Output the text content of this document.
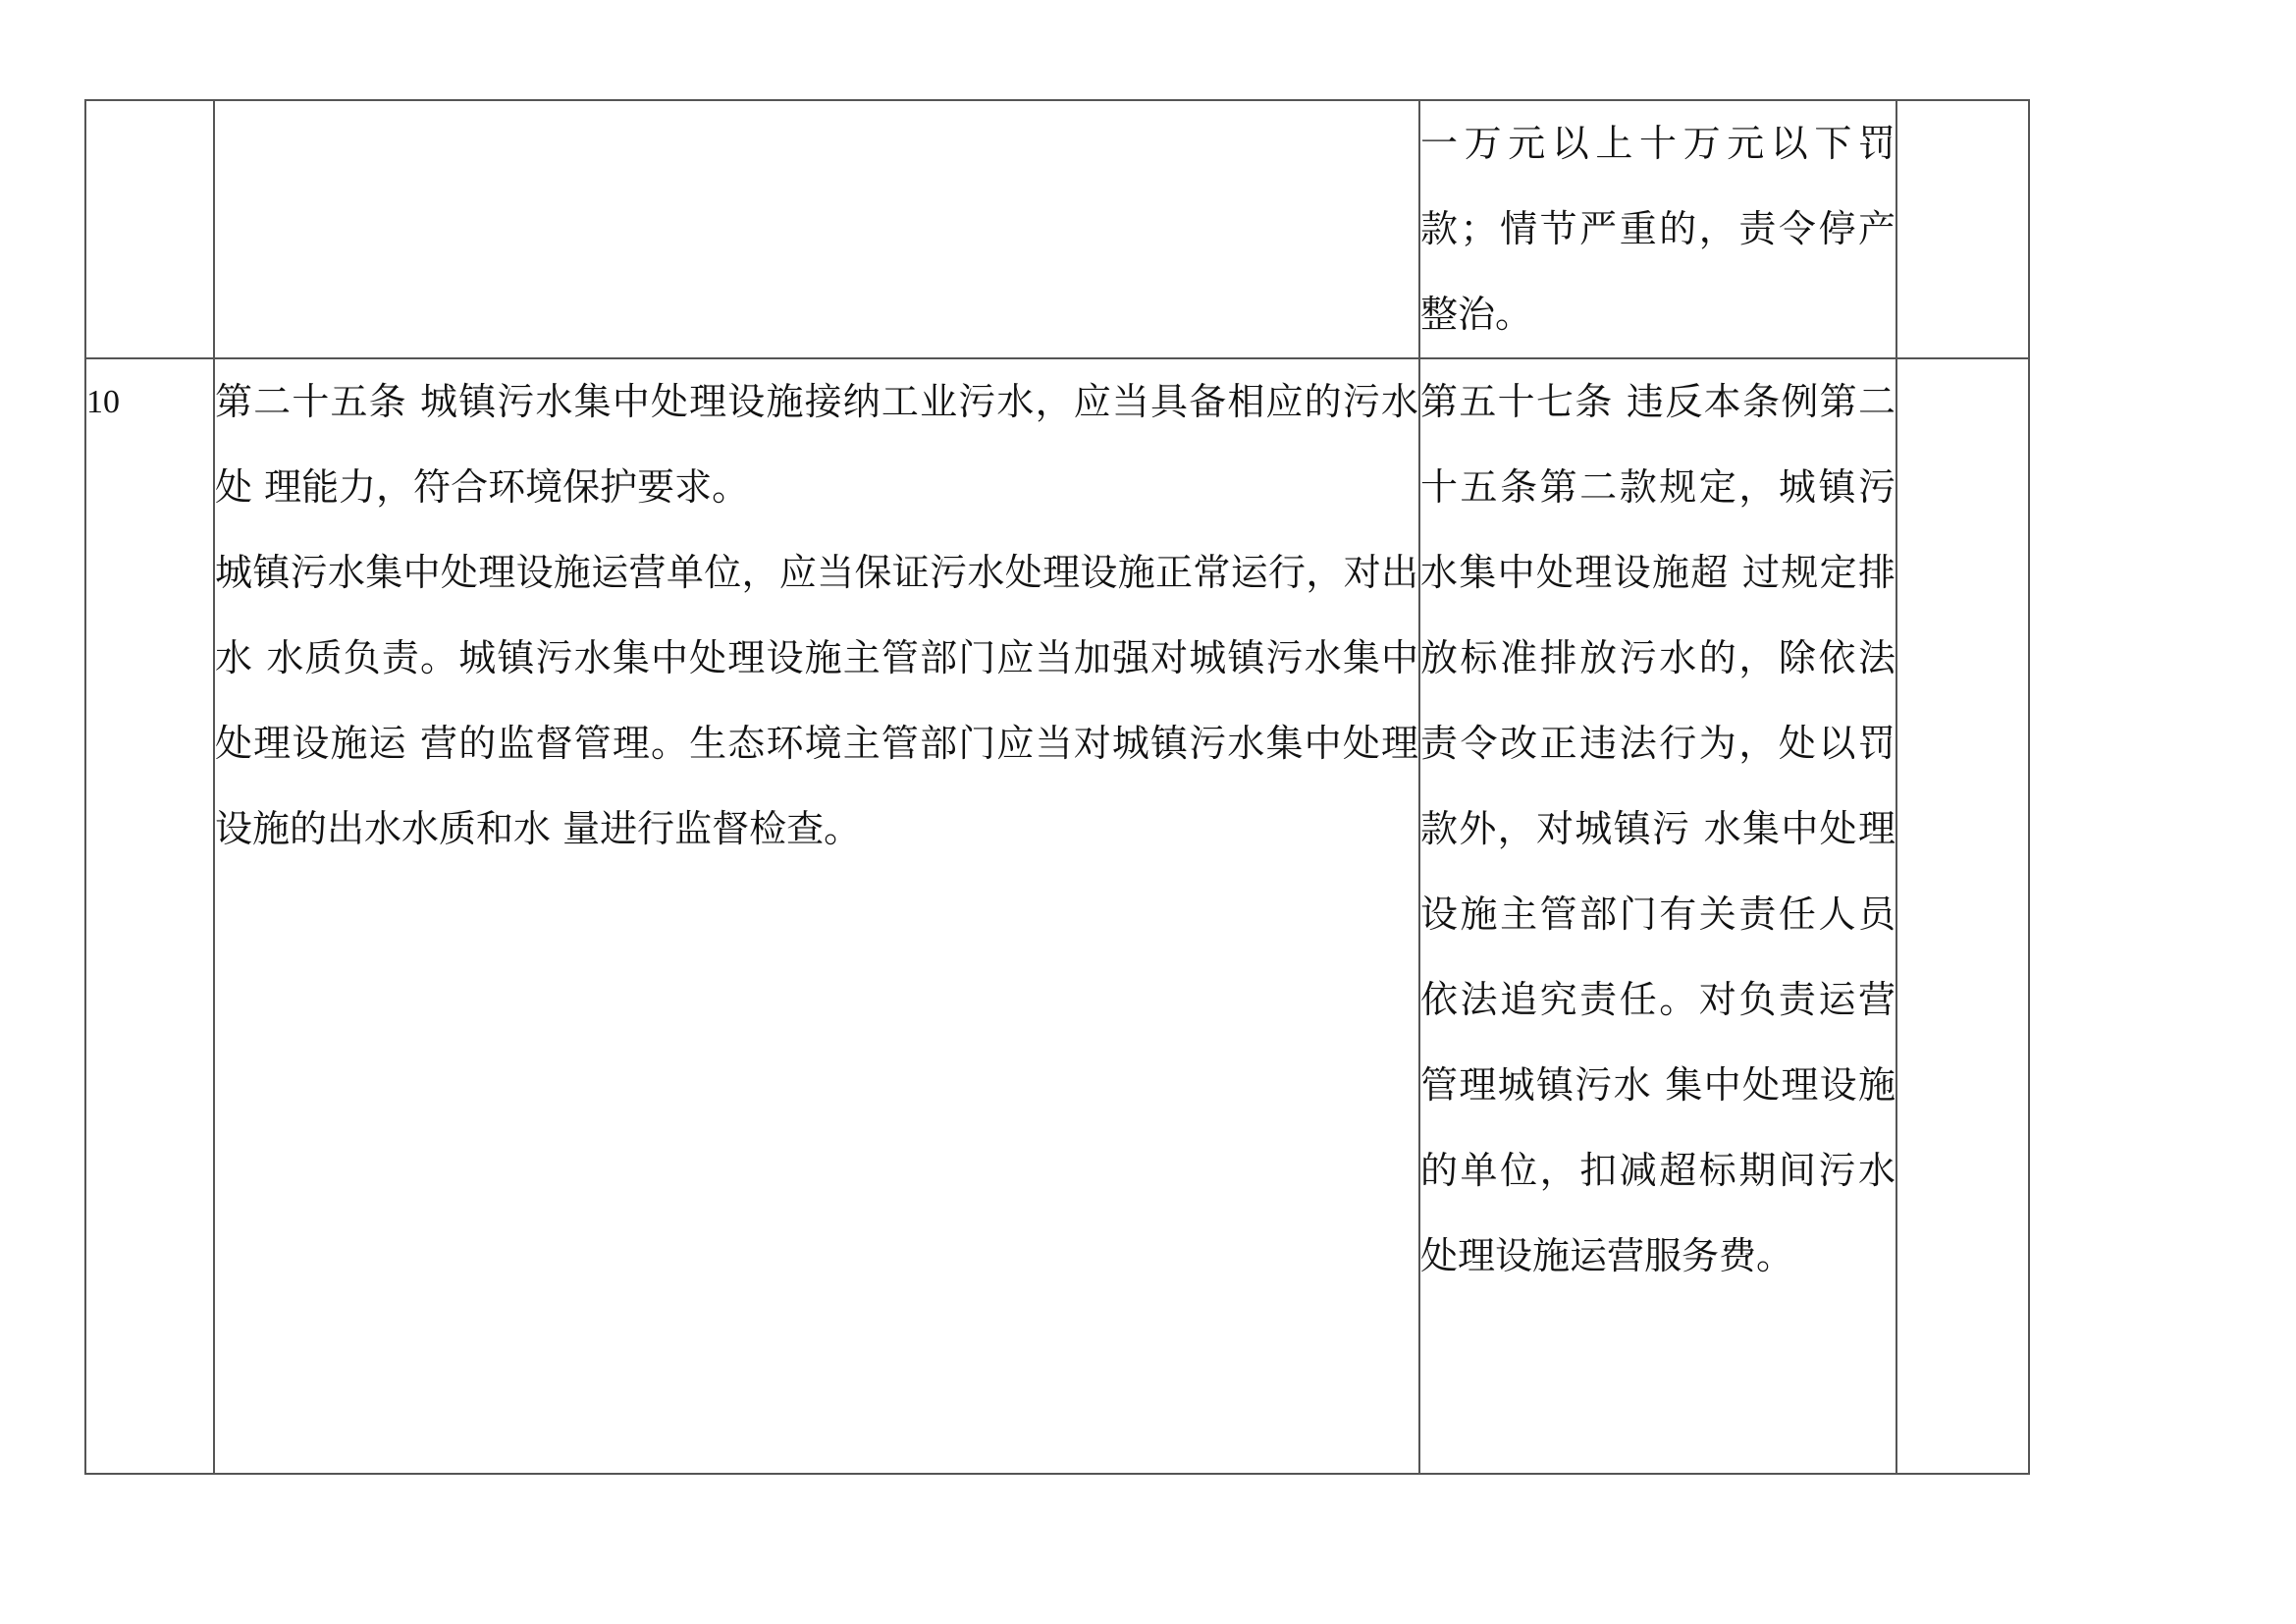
		一万元以上十万元以下罚款；情节严重的，责令停产整治。	
10	第二十五条 城镇污水集中处理设施接纳工业污水，应当具备相应的污水处 理能力，符合环境保护要求。

城镇污水集中处理设施运营单位，应当保证污水处理设施正常运行，对出水 水质负责。城镇污水集中处理设施主管部门应当加强对城镇污水集中处理设施运 营的监督管理。生态环境主管部门应当对城镇污水集中处理设施的出水水质和水 量进行监督检查。	第五十七条 违反本条例第二十五条第二款规定，城镇污水集中处理设施超 过规定排放标准排放污水的，除依法责令改正违法行为，处以罚款外，对城镇污 水集中处理设施主管部门有关责任人员依法追究责任。对负责运营管理城镇污水 集中处理设施的单位，扣减超标期间污水处理设施运营服务费。	
